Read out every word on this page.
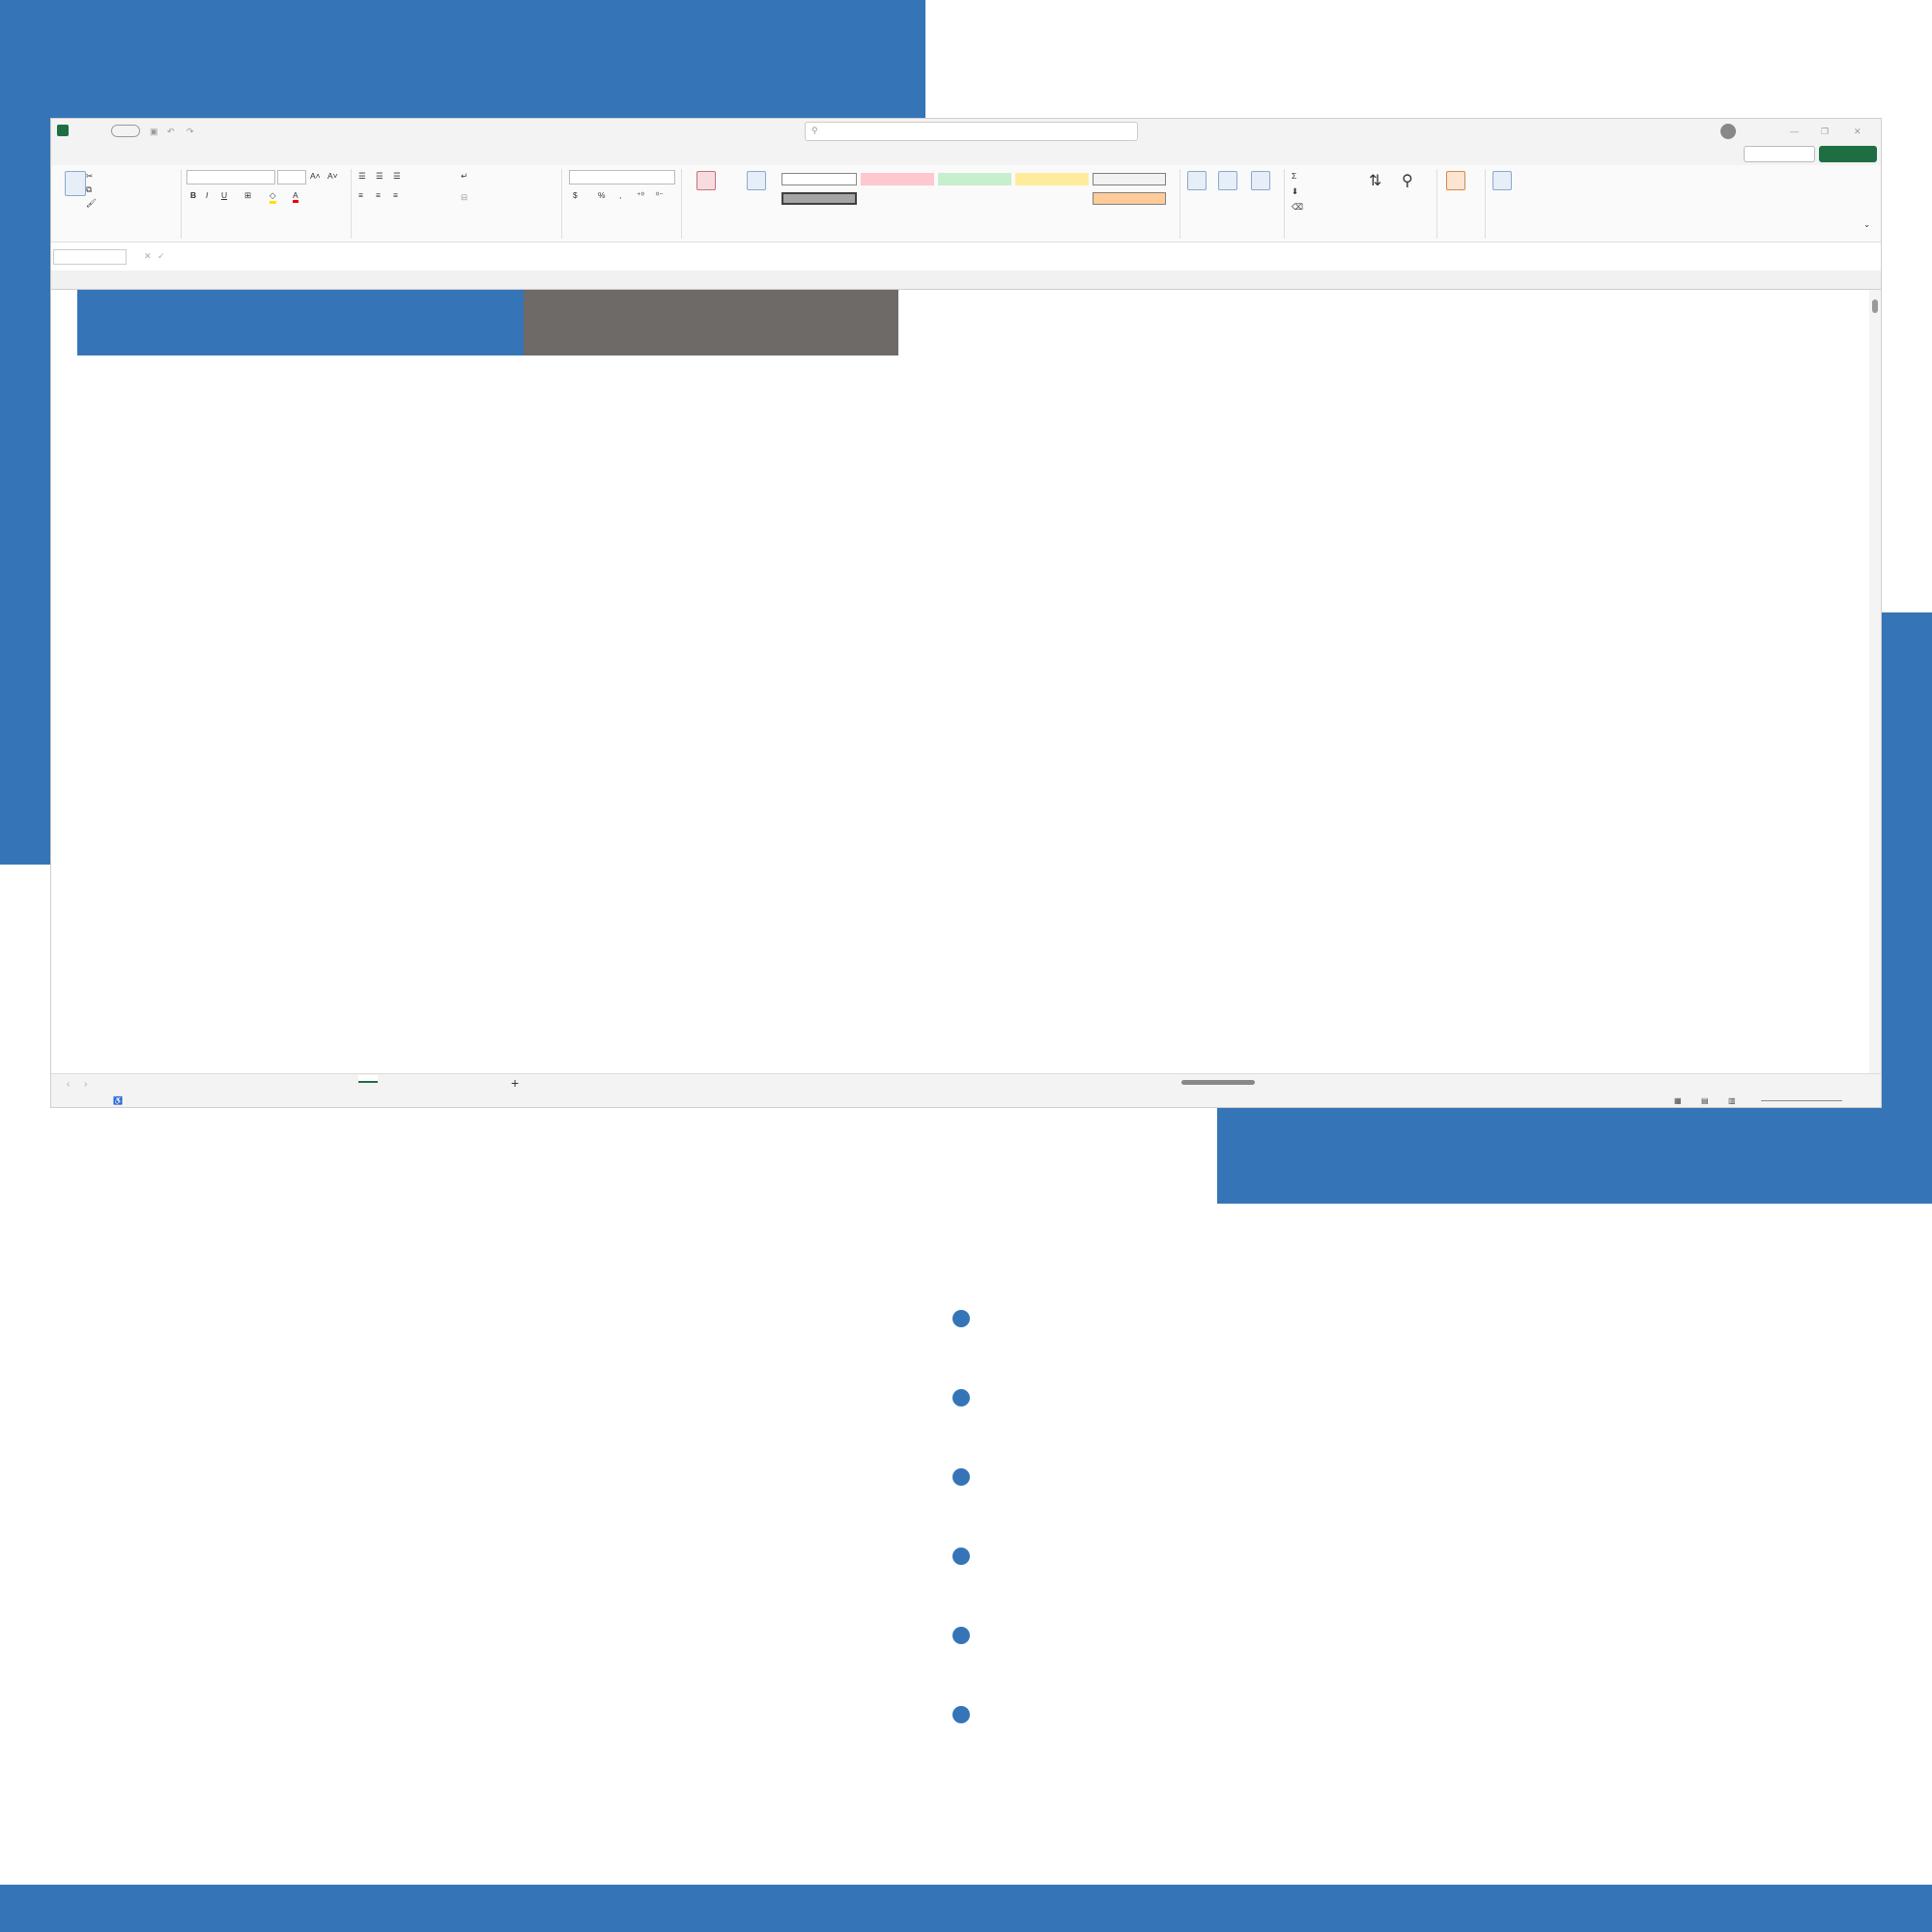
▣ ↶ ↷	⚲	—	❐	✕
✂
⧉
🖌
A˄ A˅
B I U ⊞ ◇ A
☰ ☰ ☰
≡ ≡ ≡
↵
⊟	$	% , ⁺⁰ ⁰⁻
Σ
⬇
⌫
⇅ ⚲
⌄
✕ ✓
‹ ›	+
♿	▦	▤	▥
